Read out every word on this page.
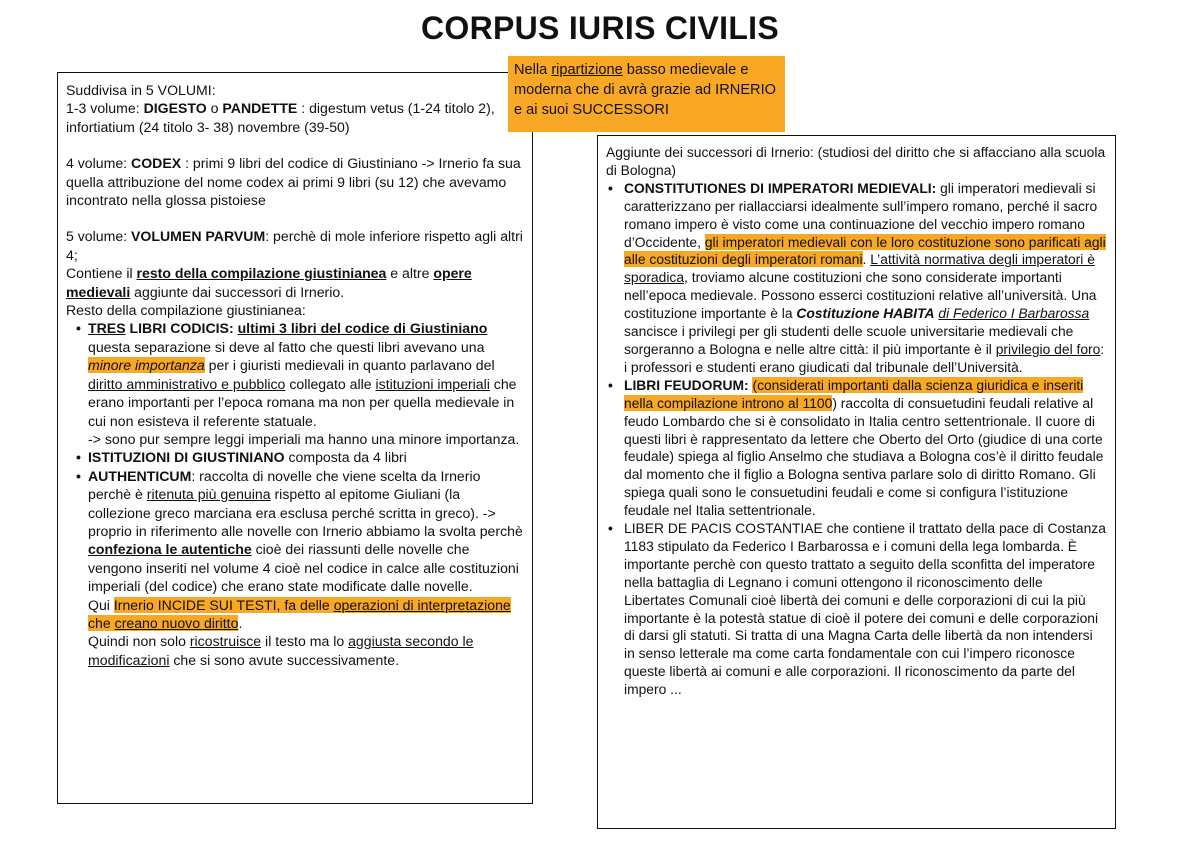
CORPUS IURIS CIVILIS
Nella ripartizione basso medievale e moderna che di avrà grazie ad IRNERIO e ai suoi SUCCESSORI

Suddivisa in 5 VOLUMI:

1-3 volume: DIGESTO o PANDETTE : digestum vetus (1-24 titolo 2), infortiatium (24 titolo 3- 38) novembre (39-50)

4 volume: CODEX : primi 9 libri del codice di Giustiniano -> Irnerio fa sua quella attribuzione del nome codex ai primi 9 libri (su 12) che avevamo incontrato nella glossa pistoiese

5 volume: VOLUMEN PARVUM: perchè di mole inferiore rispetto agli altri 4;

Contiene il resto della compilazione giustinianea e altre opere medievali aggiunte dai successori di Irnerio.

Resto della compilazione giustinianea:

• TRES LIBRI CODICIS: ultimi 3 libri del codice di Giustiniano questa separazione si deve al fatto che questi libri avevano una minore importanza per i giuristi medievali in quanto parlavano del diritto amministrativo e pubblico collegato alle istituzioni imperiali che erano importanti per l’epoca romana ma non per quella medievale in cui non esisteva il referente statuale.
-> sono pur sempre leggi imperiali ma hanno una minore importanza.
• ISTITUZIONI DI GIUSTINIANO composta da 4 libri
• AUTHENTICUM: raccolta di novelle che viene scelta da Irnerio perchè è ritenuta più genuina rispetto al epitome Giuliani (la collezione greco marciana era esclusa perché scritta in greco). -> proprio in riferimento alle novelle con Irnerio abbiamo la svolta perchè confeziona le autentiche cioè dei riassunti delle novelle che vengono inseriti nel volume 4 cioè nel codice in calce alle costituzioni imperiali (del codice) che erano state modificate dalle novelle.
Qui Irnerio INCIDE SUI TESTI, fa delle operazioni di interpretazione che creano nuovo diritto.
Quindi non solo ricostruisce il testo ma lo aggiusta secondo le modificazioni che si sono avute successivamente.

Aggiunte dei successori di Irnerio: (studiosi del diritto che si affacciano alla scuola di Bologna)

• CONSTITUTIONES DI IMPERATORI MEDIEVALI: gli imperatori medievali si caratterizzano per riallacciarsi idealmente sull’impero romano, perché il sacro romano impero è visto come una continuazione del vecchio impero romano d’Occidente, gli imperatori medievali con le loro costituzione sono parificati agli alle costituzioni degli imperatori romani. L’attività normativa degli imperatori è sporadica, troviamo alcune costituzioni che sono considerate importanti nell’epoca medievale. Possono esserci costituzioni relative all’università. Una costituzione importante è la Costituzione HABITA di Federico I Barbarossa sancisce i privilegi per gli studenti delle scuole universitarie medievali che sorgeranno a Bologna e nelle altre città: il più importante è il privilegio del foro: i professori e studenti erano giudicati dal tribunale dell’Università.
• LIBRI FEUDORUM: (considerati importanti dalla scienza giuridica e inseriti nella compilazione introno al 1100) raccolta di consuetudini feudali relative al feudo Lombardo che si è consolidato in Italia centro settentrionale. Il cuore di questi libri è rappresentato da lettere che Oberto del Orto (giudice di una corte feudale) spiega al figlio Anselmo che studiava a Bologna cos’è il diritto feudale dal momento che il figlio a Bologna sentiva parlare solo di diritto Romano. Gli spiega quali sono le consuetudini feudali e come si configura l’istituzione feudale nel Italia settentrionale.
• LIBER DE PACIS COSTANTIAE che contiene il trattato della pace di Costanza 1183 stipulato da Federico I Barbarossa e i comuni della lega lombarda. È importante perchè con questo trattato a seguito della sconfitta del imperatore nella battaglia di Legnano i comuni ottengono il riconoscimento delle Libertates Comunali cioè libertà dei comuni e delle corporazioni di cui la più importante è la potestà statue di cioè il potere dei comuni e delle corporazioni di darsi gli statuti. Si tratta di una Magna Carta delle libertà da non intendersi in senso letterale ma come carta fondamentale con cui l’impero riconosce queste libertà ai comuni e alle corporazioni. Il riconoscimento da parte del impero ...
